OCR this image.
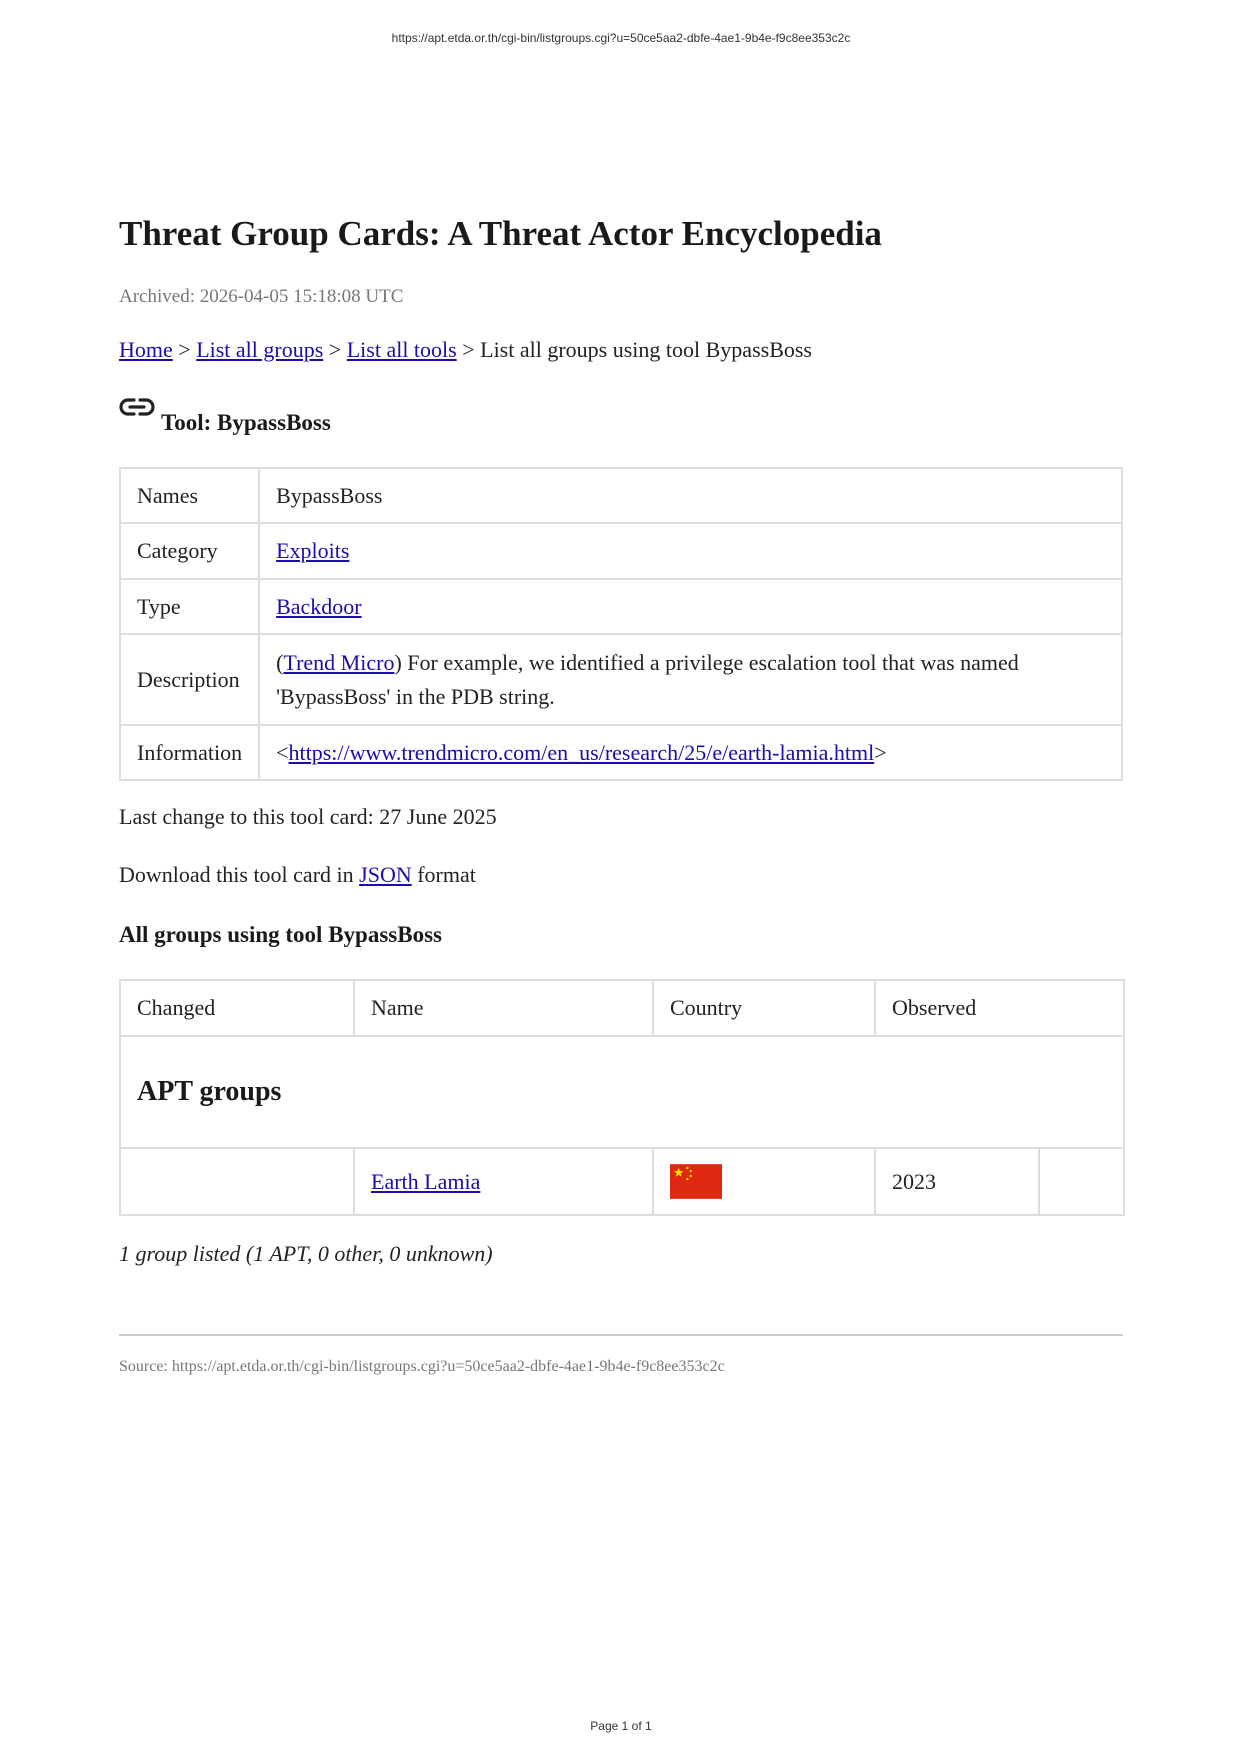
https://apt.etda.or.th/cgi-bin/listgroups.cgi?u=50ce5aa2-dbfe-4ae1-9b4e-f9c8ee353c2c
Threat Group Cards: A Threat Actor Encyclopedia
Archived: 2026-04-05 15:18:08 UTC
Home > List all groups > List all tools > List all groups using tool BypassBoss
Tool: BypassBoss
Names	BypassBoss
Category	Exploits
Type	Backdoor
Description	(Trend Micro) For example, we identified a privilege escalation tool that was named 'BypassBoss' in the PDB string.

Information	<https://www.trendmicro.com/en_us/research/25/e/earth-lamia.html>
Last change to this tool card: 27 June 2025
Download this tool card in JSON format
All groups using tool BypassBoss
Changed	Name	Country	Observed	
APT groups				
	Earth Lamia		2023	
1 group listed (1 APT, 0 other, 0 unknown)
Source: https://apt.etda.or.th/cgi-bin/listgroups.cgi?u=50ce5aa2-dbfe-4ae1-9b4e-f9c8ee353c2c
Page 1 of 1
